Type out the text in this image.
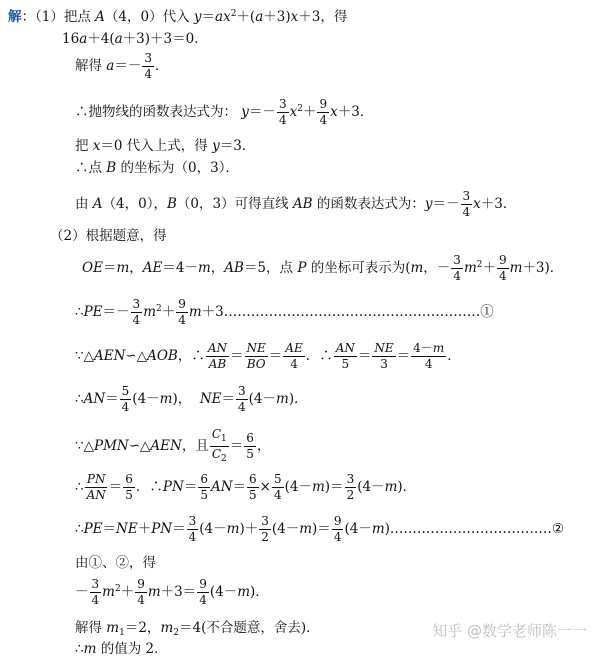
解：（1）把点 A（4，0）代入 $y=ax^2+(a+3)x+3$，得
16a＋4(a＋3)＋3＝0．
解得 $a=- \frac{3}{4}$ ．
∴抛物线的函数表达式为： $y=- \frac{3}{4} x^2+ \frac{9}{4} x+3$．
把 x＝0 代入上式，得 y＝3．
∴点 B 的坐标为（0，3）．
由 A（4，0），B（0，3）可得直线 AB 的函数表达式为：$y=- \frac{3}{4} x+3$．
（2）根据题意，得
OE＝m，AE＝4－m，AB＝5，点 P 的坐标可表示为(m，－ $\frac{3}{4} m^2+ \frac{9}{4} m+3$)．
∴PE＝－ $\frac{3}{4} m^2+ \frac{9}{4}$ m＋3…………………………………………………①
∵△AEN∽△AOB，∴ $\frac{AN}{AB} = \frac{NE}{BO} = \frac{AE}{4}$ ．∴ $\frac{AN}{5} = \frac{NE}{3} = \frac{4-m}{4}$ ．
∴AN＝ $\frac{5}{4} (4-m)$，  $NE= \frac{3}{4} (4-m)$．
∵△PMN∽△AEN，且 $\frac{C_1}{C_2} = \frac{6}{5}$ ，
∴ $\frac{PN}{AN} = \frac{6}{5}$ ．∴PN＝ $\frac{6}{5} AN= \frac{6}{5} \times \frac{5}{4} (4-m)= \frac{3}{2} (4-m)$．
∴PE＝NE＋PN＝ $\frac{3}{4} (4-m)+ \frac{3}{2} (4-m)= \frac{9}{4}$ (4－m)………………………………②
由①、②，得
－ $\frac{3}{4} m^2+ \frac{9}{4} m+3= \frac{9}{4} (4-m)$．
解得 $m_1=2$，$m_2=4$(不合题意，舍去)．
∴m 的值为 2．
知乎 @数学老师陈一一
